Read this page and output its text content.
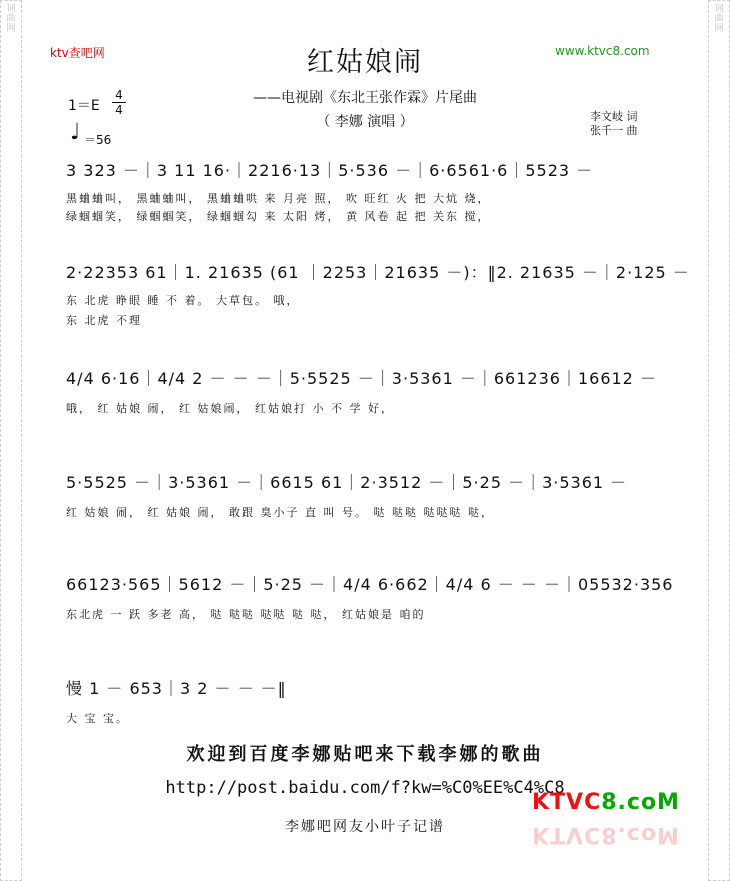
词 曲 网
词 曲 网
ktv查吧网	www.ktvc8.com
红姑娘闹
——电视剧《东北王张作霖》片尾曲
（ 李娜 演唱 ）
1＝E
4
4
♩ ＝56
李文岐 词
张千一 曲
3 323 －｜3 11 16·｜2216·13｜5·536 －｜6·6561·6｜5523 －
黑蛐蛐叫， 黑蛐蛐叫， 黑蛐蛐哄 来 月亮 照， 吹 旺红 火 把 大炕 烧，
绿蝈蝈笑， 绿蝈蝈笑， 绿蝈蝈勾 来 太阳 烤， 黄 风卷 起 把 关东 搅，
2·22353 61｜1. 21635 (61 ｜2253｜21635 －)：‖2. 21635 －｜2·125 －
东 北虎 睁眼 睡 不 着。 大草包。 哦，
东 北虎 不理
4/4 6·16｜4/4 2 － － －｜5·5525 －｜3·5361 －｜661236｜16612 －
哦， 红 姑娘 闹， 红 姑娘闹， 红姑娘打 小 不 学 好，
5·5525 －｜3·5361 －｜6615 61｜2·3512 －｜5·25 －｜3·5361 －
红 姑娘 闹， 红 姑娘 闹， 敢跟 臭小子 直 叫 号。 哒 哒哒 哒哒哒 哒，
66123·565｜5612 －｜5·25 －｜4/4 6·662｜4/4 6 － － －｜05532·356
东北虎 一 跃 多老 高， 哒 哒哒 哒哒 哒 哒， 红姑娘是 咱的
慢 1 － 653｜3 2 － － －‖
大 宝 宝。
欢迎到百度李娜贴吧来下载李娜的歌曲
http://post.baidu.com/f?kw=%C0%EE%C4%C8
李娜吧网友小叶子记谱
KTVC8.coM
KTVC8.coM
